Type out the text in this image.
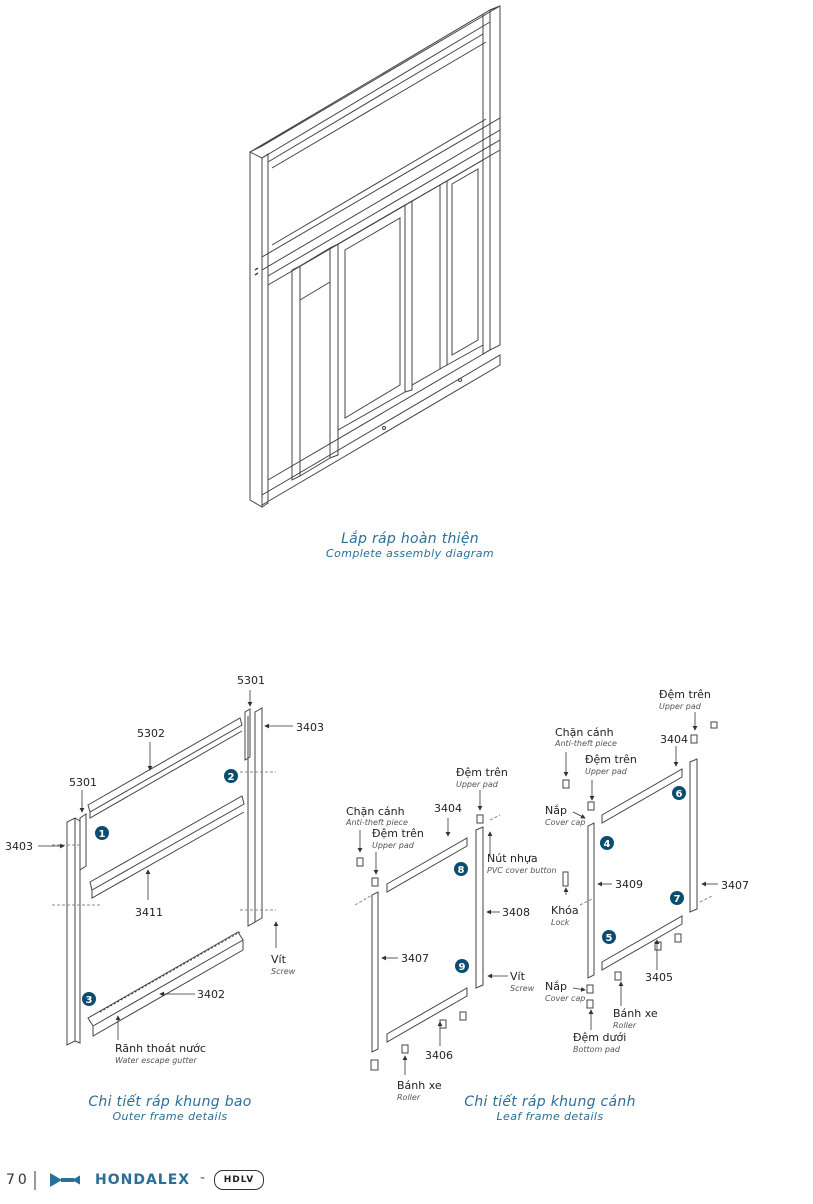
5301
3403
5302
5301
3403
3411
3402
Vít
Screw
Rãnh thoát nước
Water escape gutter
Đệm trên
Upper pad
Chặn cánh
Anti-theft piece
3404
Đệm trên
Upper pad
Nút nhựa
PVC cover button
3408
3407
Vít
Screw
3406
Bánh xe
Roller
Đệm trên
Upper pad
Chặn cánh
Anti-theft piece	3404
Đệm trên
Upper pad
Nắp
Cover cap
3409	3407
Khóa
Lock
3405
Nắp
Cover cap
Bánh xe
Roller
Đệm dưới
Bottom pad
1
2
3
4
5
6
7
8
9
Lắp ráp hoàn thiện
Complete assembly diagram
Chi tiết ráp khung bao
Outer frame details
Chi tiết ráp khung cánh
Leaf frame details
70	HONDALEX -	HDLV
